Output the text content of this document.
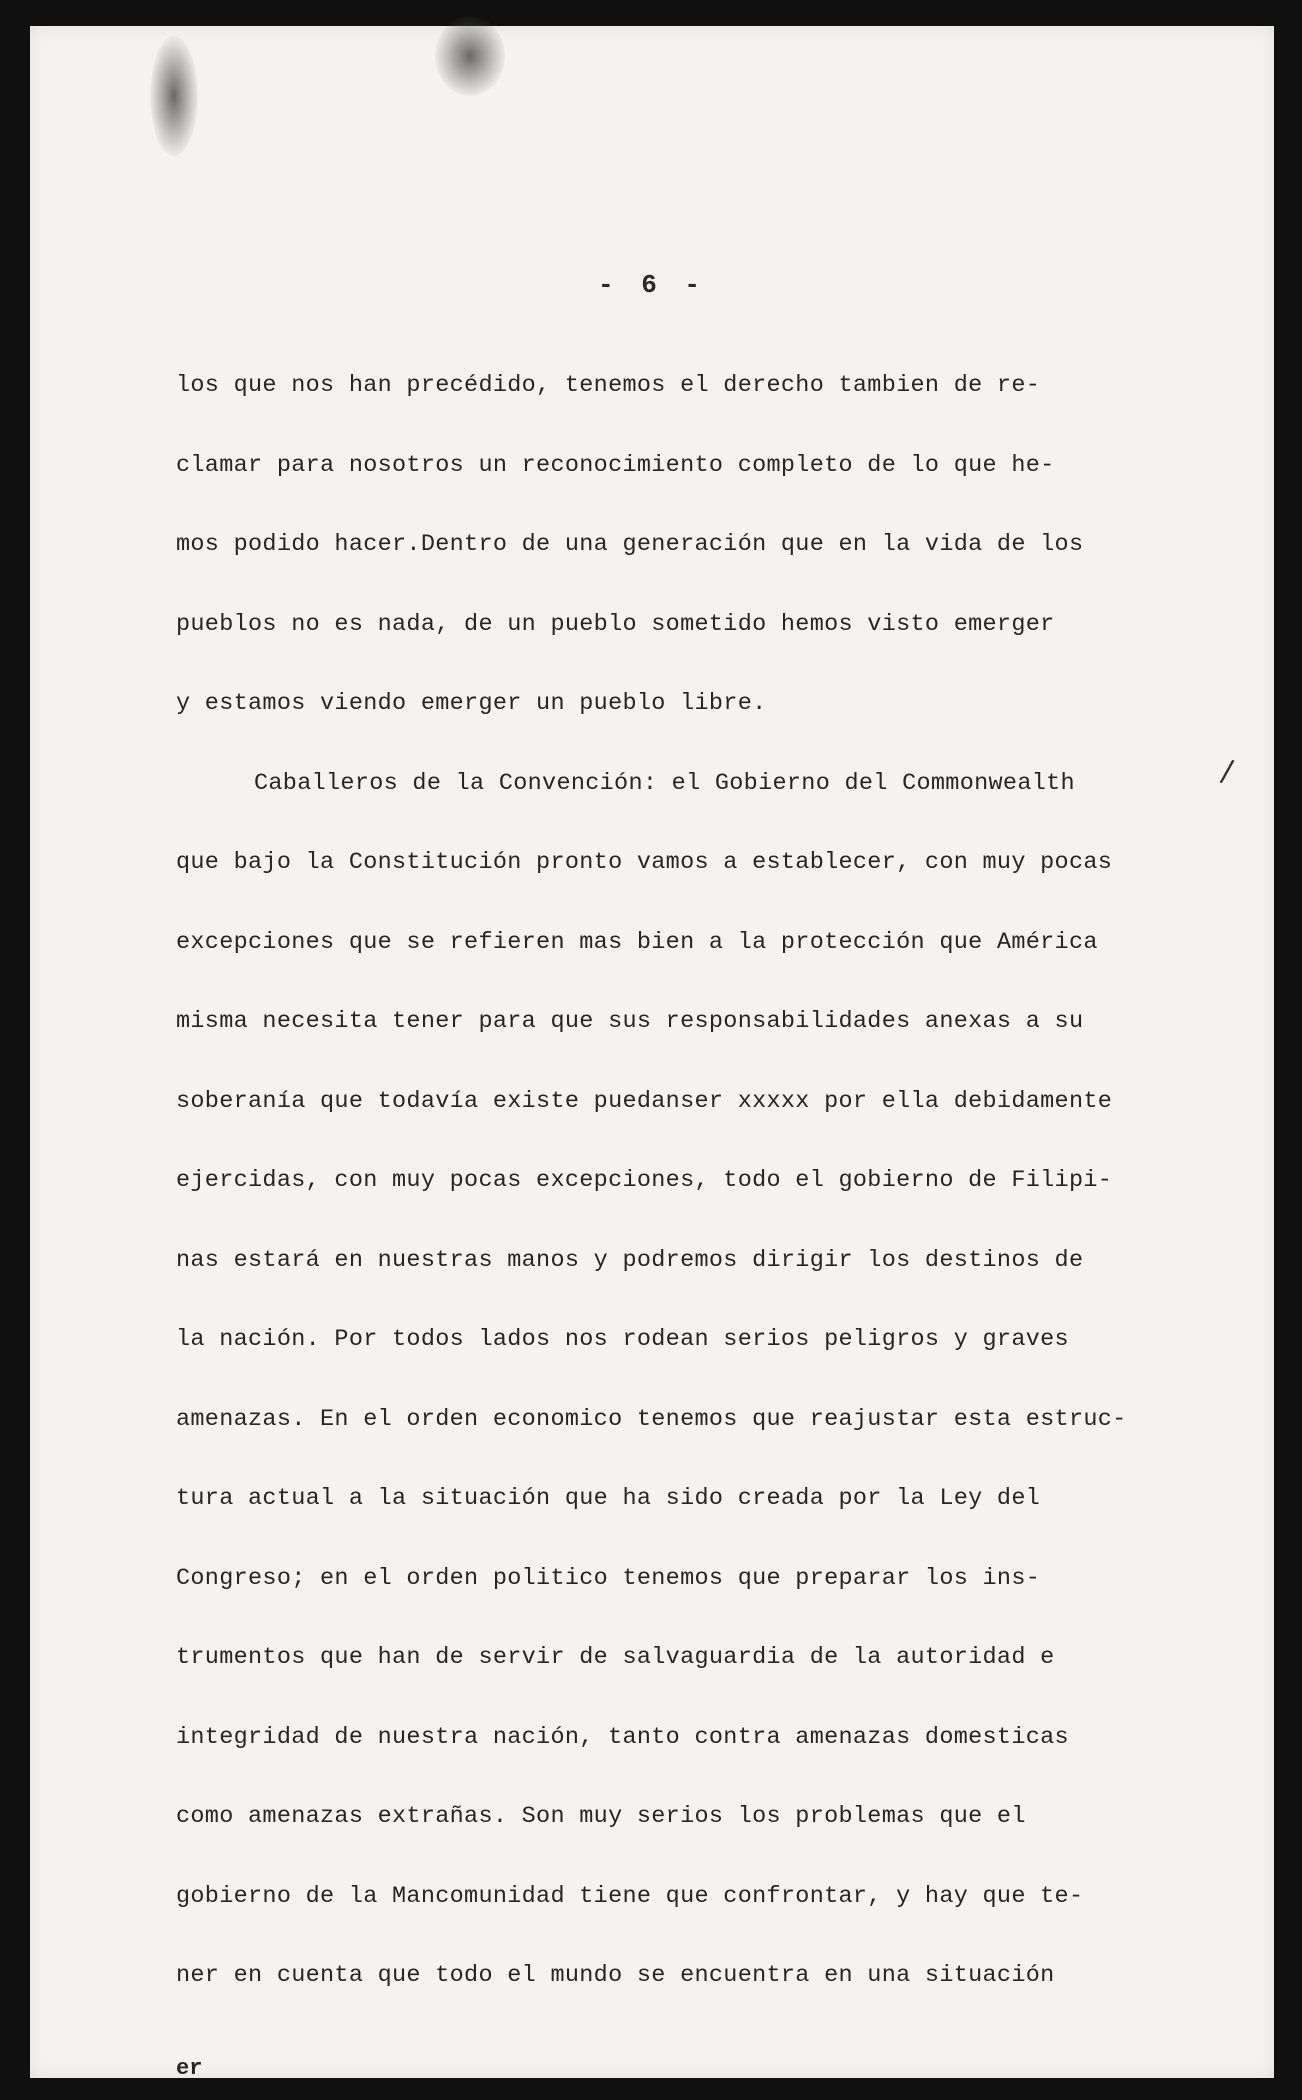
- 6 -
los que nos han precédido, tenemos el derecho tambien de re-
clamar para nosotros un reconocimiento completo de lo que he-
mos podido hacer.Dentro de una generación que en la vida de los
pueblos no es nada, de un pueblo sometido hemos visto emerger
y estamos viendo emerger un pueblo libre.
Caballeros de la Convención: el Gobierno del Commonwealth
que bajo la Constitución pronto vamos a establecer, con muy pocas
excepciones que se refieren mas bien a la protección que América
misma necesita tener para que sus responsabilidades anexas a su
soberanía que todavía existe puedanser xxxxx por ella debidamente
ejercidas, con muy pocas excepciones, todo el gobierno de Filipi-
nas estará en nuestras manos y podremos dirigir los destinos de
la nación. Por todos lados nos rodean serios peligros y graves
amenazas. En el orden economico tenemos que reajustar esta estruc-
tura actual a la situación que ha sido creada por la Ley del
Congreso; en el orden politico tenemos que preparar los ins-
trumentos que han de servir de salvaguardia de la autoridad e
integridad de nuestra nación, tanto contra amenazas domesticas
como amenazas extrañas. Son muy serios los problemas que el
gobierno de la Mancomunidad tiene que confrontar, y hay que te-
ner en cuenta que todo el mundo se encuentra en una situación
∕
er
